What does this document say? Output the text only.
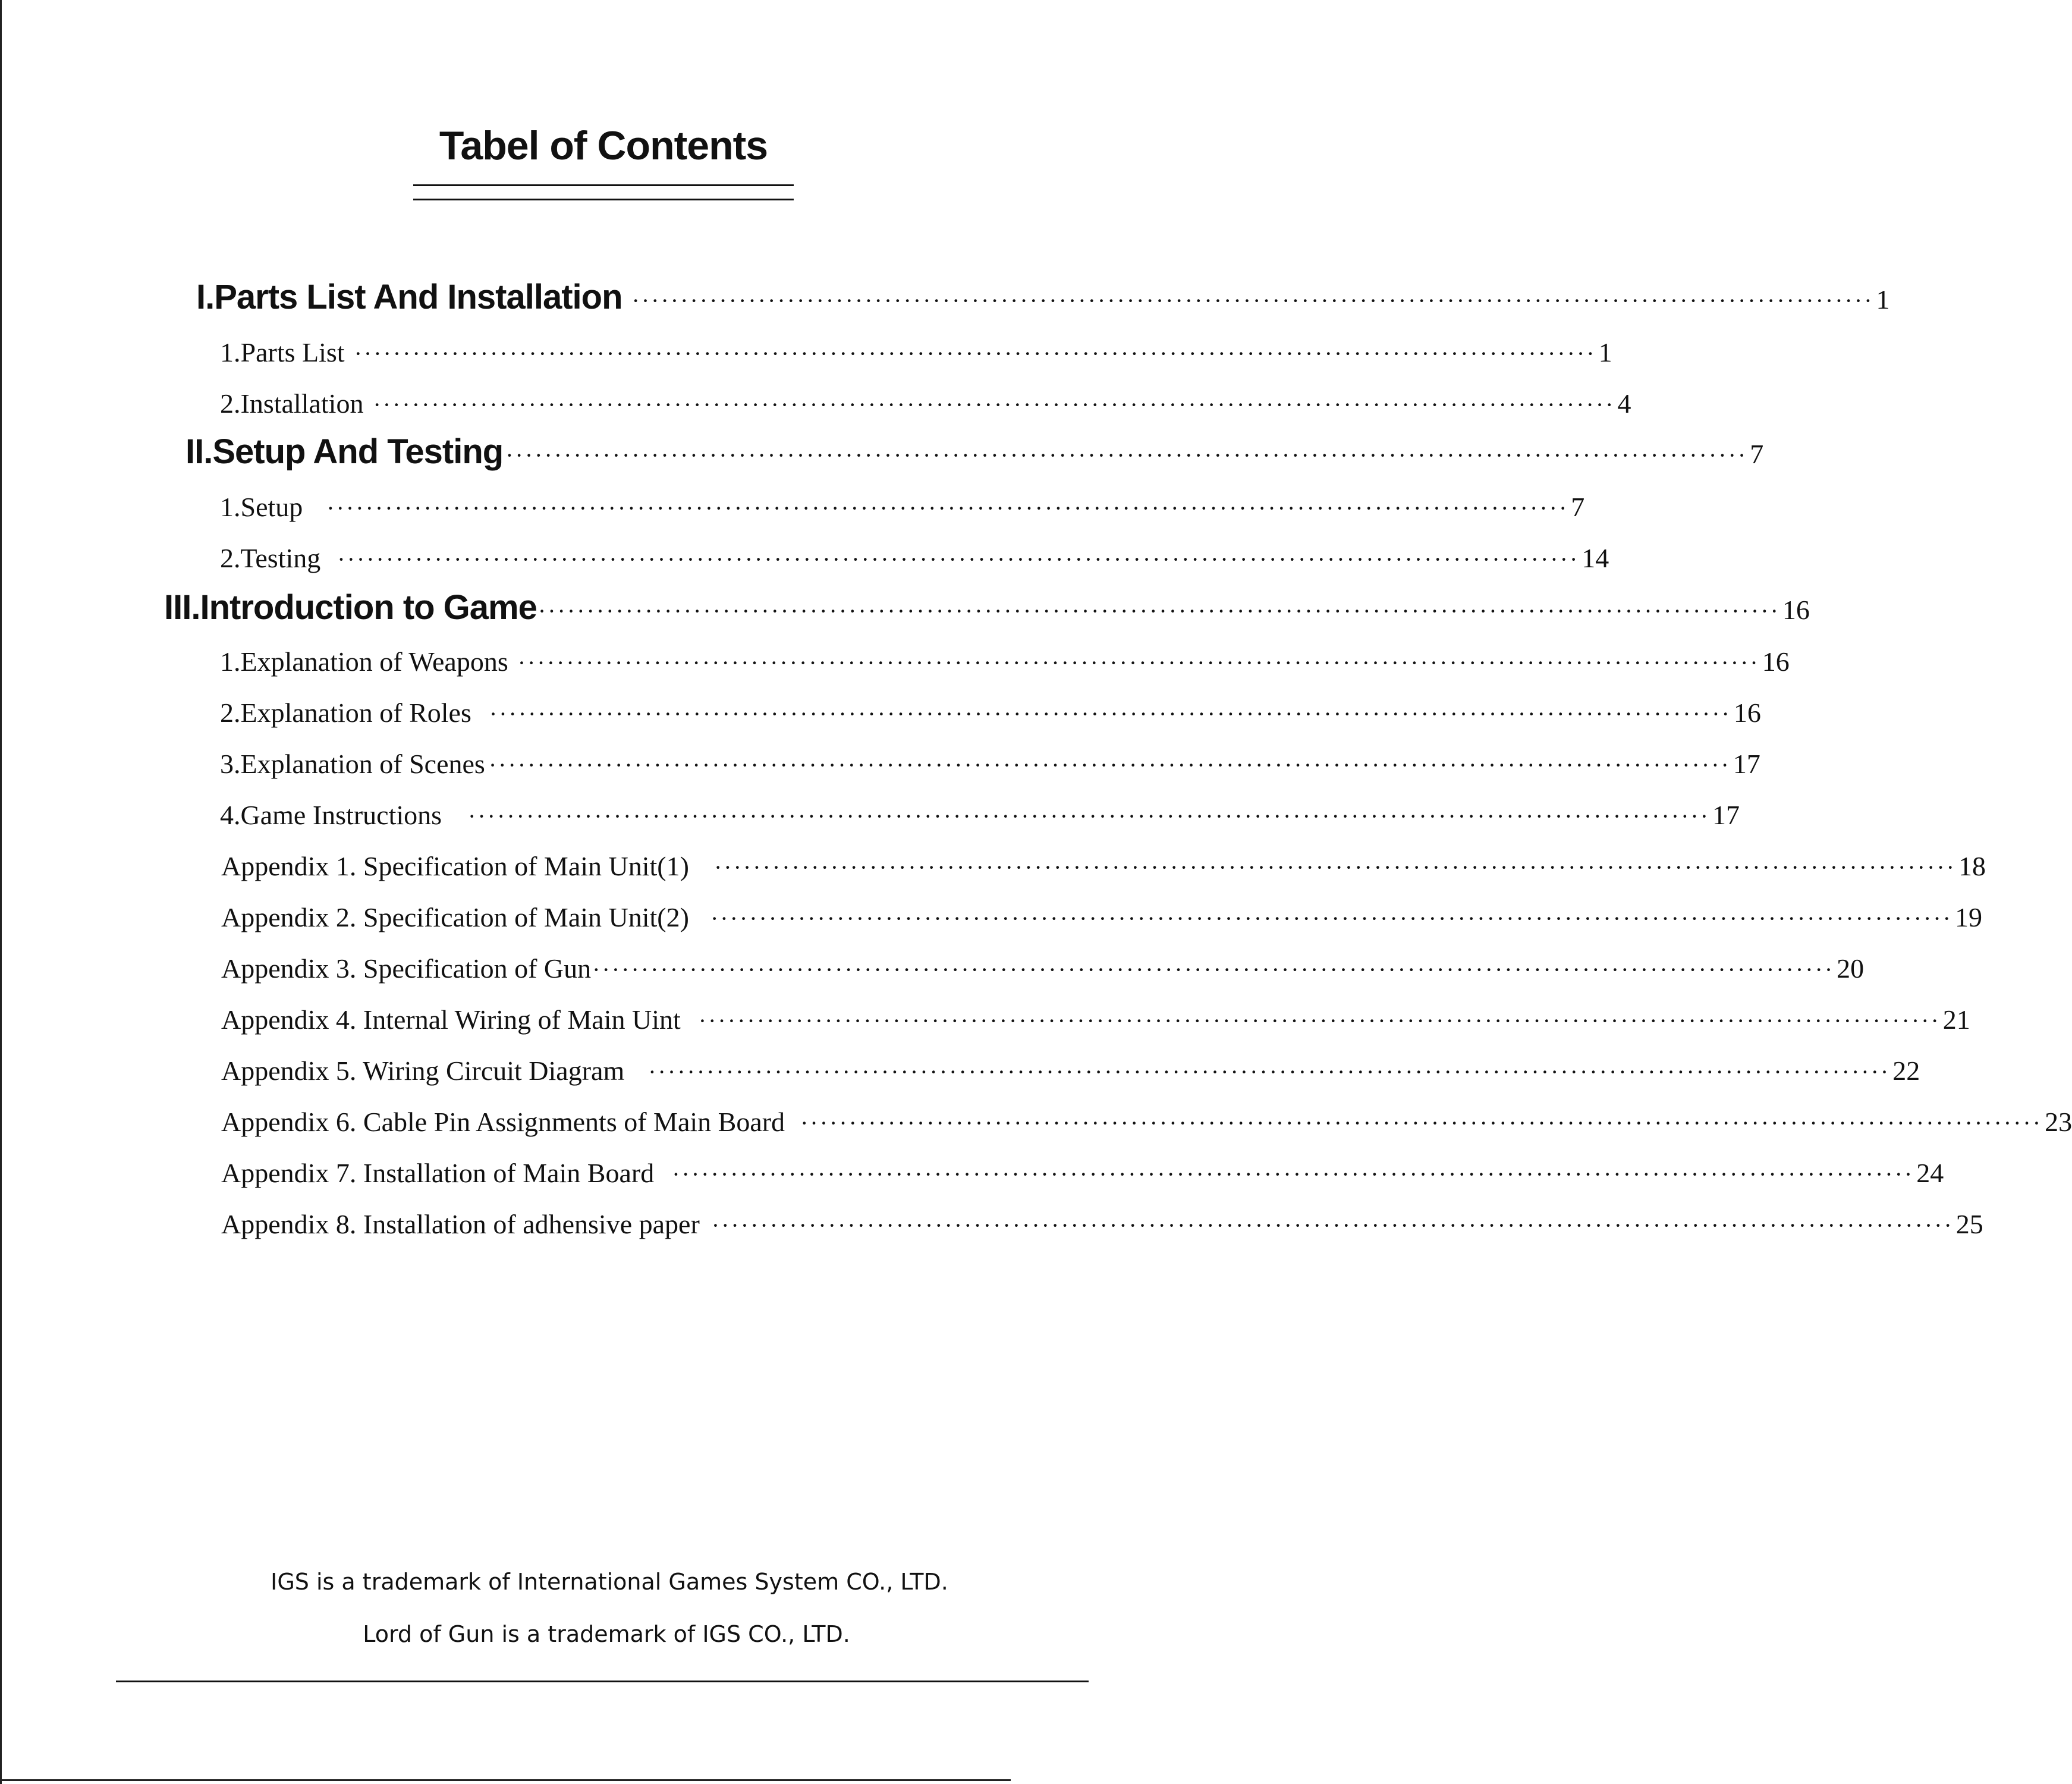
Tabel of Contents
I.Parts List And Installation ································································································································ 1
1.Parts List ································································································································ 1
2.Installation ································································································································ 4
II.Setup And Testing ································································································································ 7
1.Setup ································································································································ 7
2.Testing ································································································································ 14
III.Introduction to Game ································································································································ 16
1.Explanation of Weapons ································································································································ 16
2.Explanation of Roles ································································································································ 16
3.Explanation of Scenes ································································································································ 17
4.Game Instructions ································································································································ 17
Appendix 1. Specification of Main Unit(1) ································································································································ 18
Appendix 2. Specification of Main Unit(2) ································································································································ 19
Appendix 3. Specification of Gun ································································································································ 20
Appendix 4. Internal Wiring of Main Uint ································································································································ 21
Appendix 5. Wiring Circuit Diagram ································································································································ 22
Appendix 6. Cable Pin Assignments of Main Board ································································································································ 23
Appendix 7. Installation of Main Board ································································································································ 24
Appendix 8. Installation of adhensive paper ································································································································ 25
IGS is a trademark of International Games System CO., LTD.
Lord of Gun is a trademark of IGS CO., LTD.
